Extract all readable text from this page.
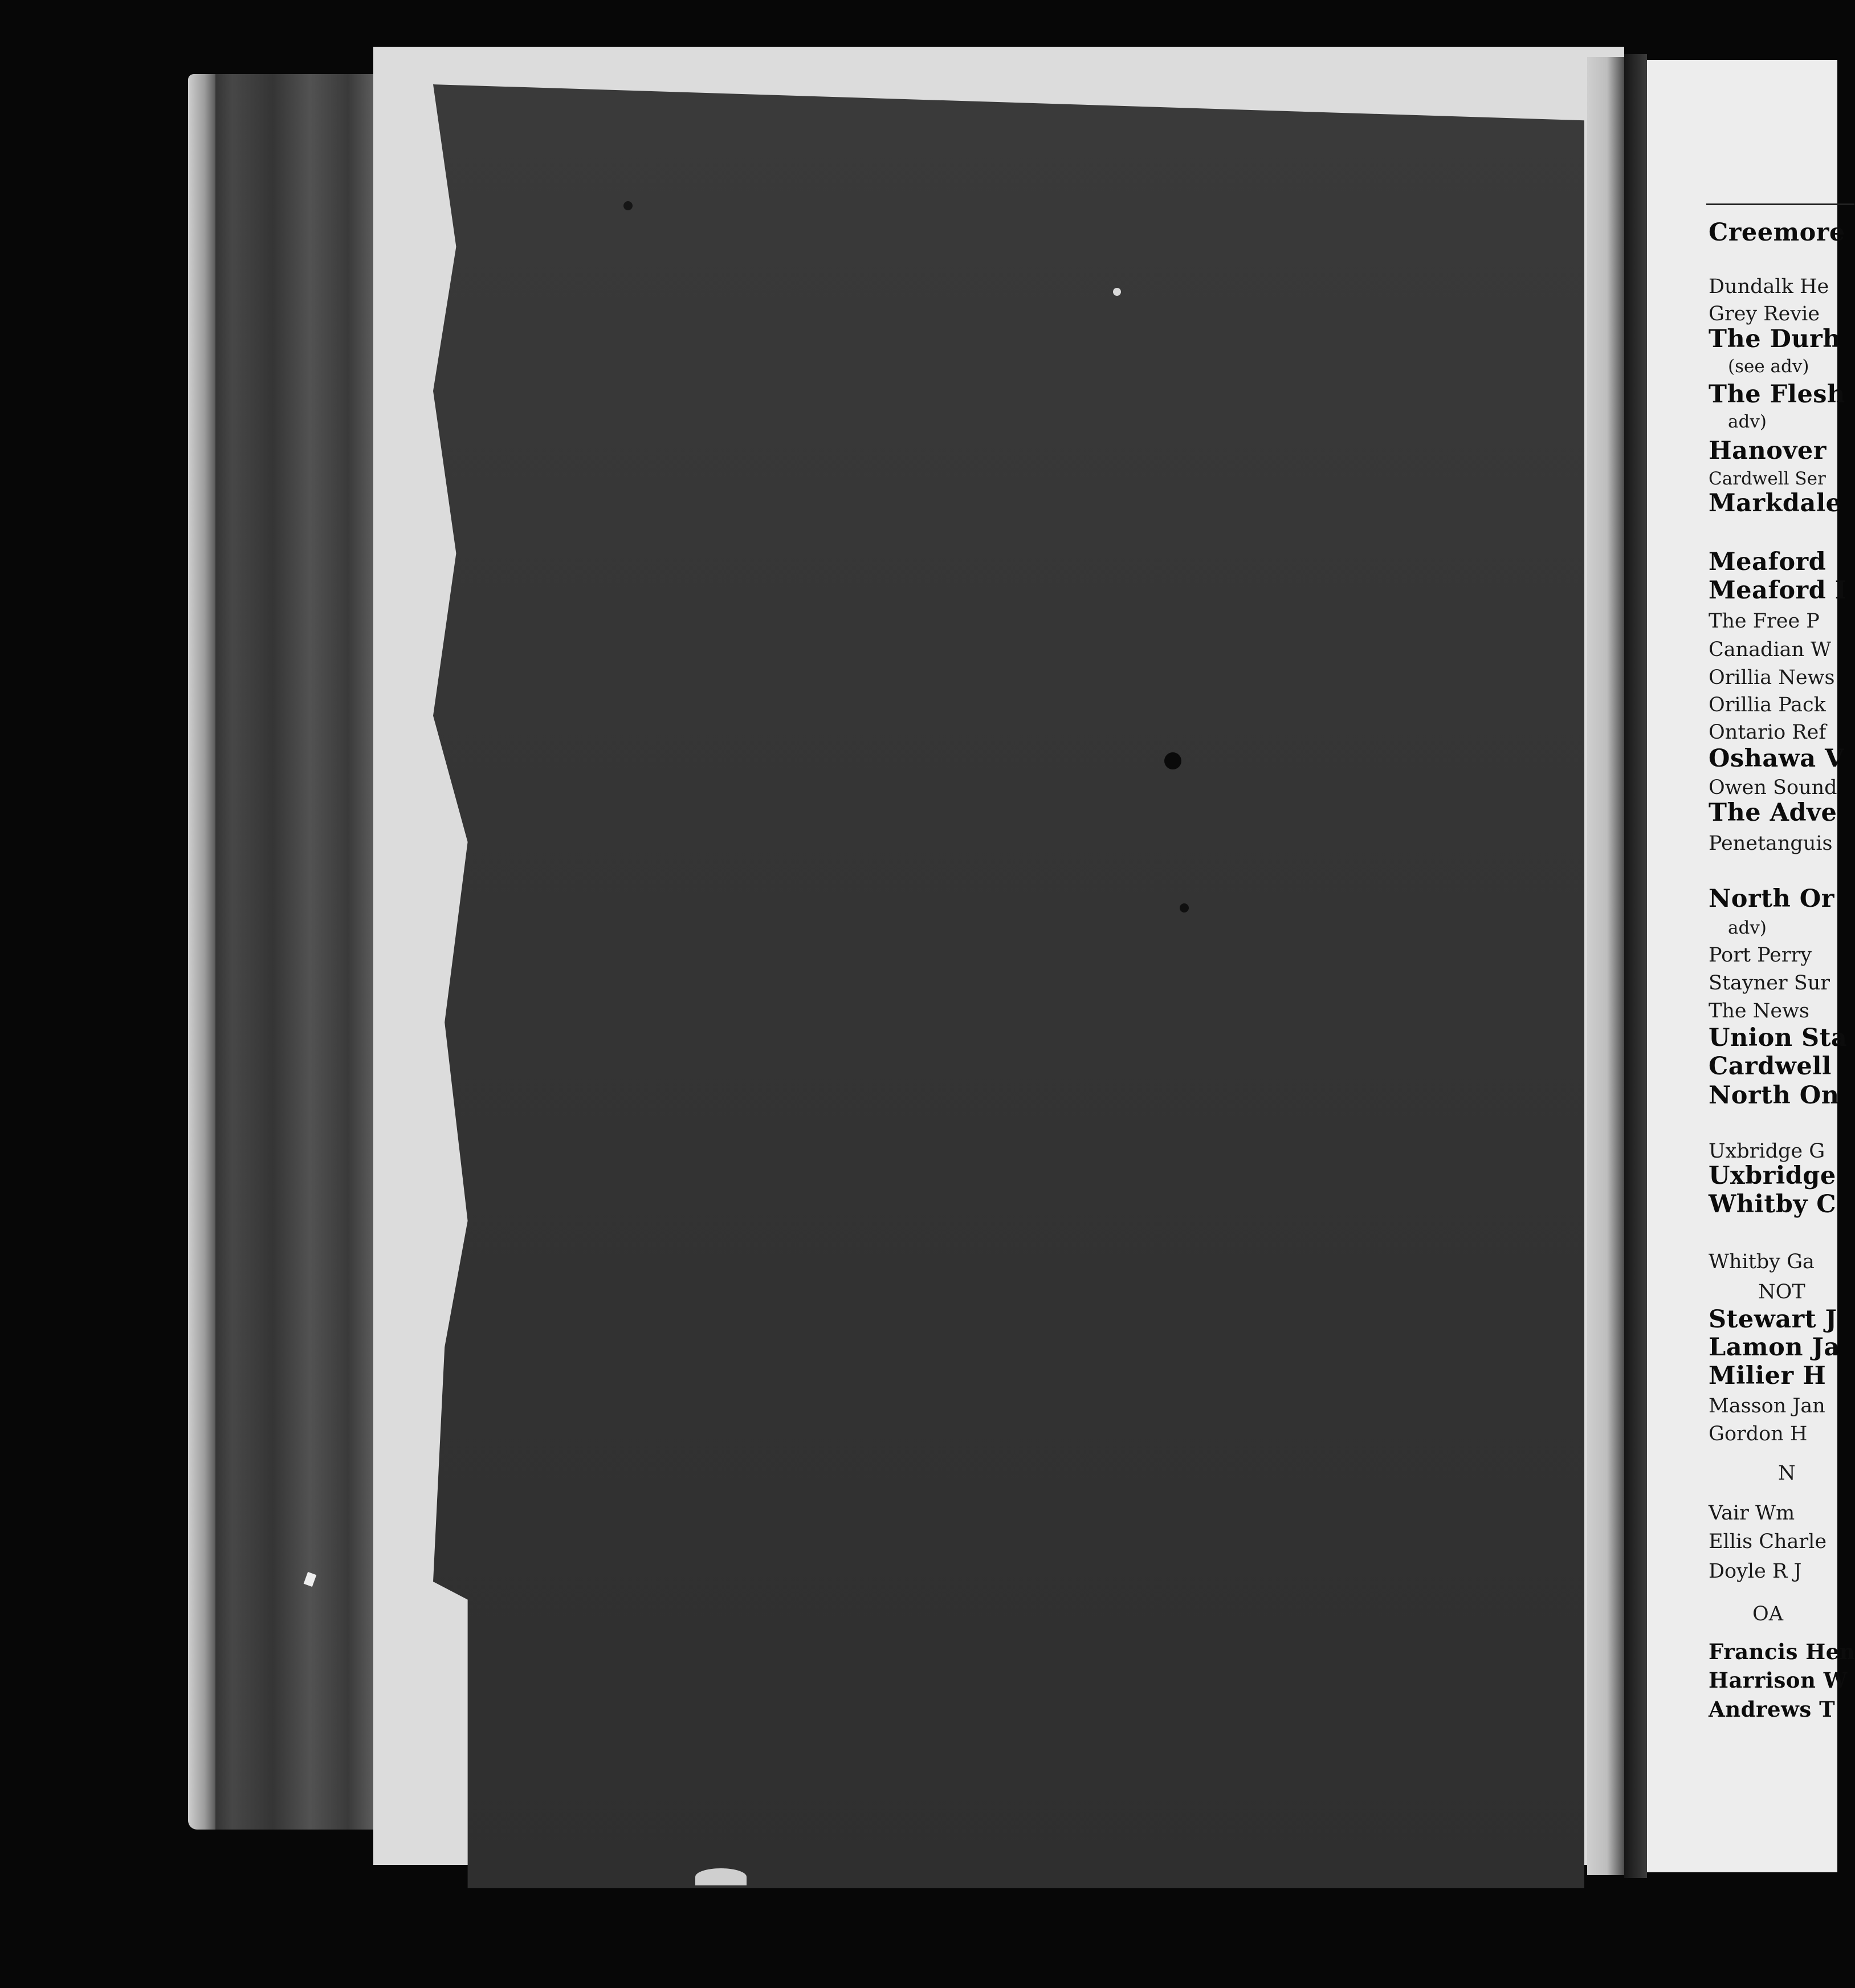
Creemore
Dundalk He
Grey Revie
The Durh
(see adv)
The Flesh
adv)
Hanover
Cardwell Ser
Markdale
Meaford
Meaford I
The Free P
Canadian W
Orillia News
Orillia Pack
Ontario Ref
Oshawa V
Owen Sound
The Adve
Penetanguis
North Or
adv)
Port Perry
Stayner Sur
The News
Union Sta
Cardwell
North On
Uxbridge G
Uxbridge
Whitby C
Whitby Ga
NOT
Stewart J
Lamon Ja
Milier H
Masson Jan
Gordon H
N
Vair Wm
Ellis Charle
Doyle R J
OA
Francis Hen
Harrison W
Andrews T
